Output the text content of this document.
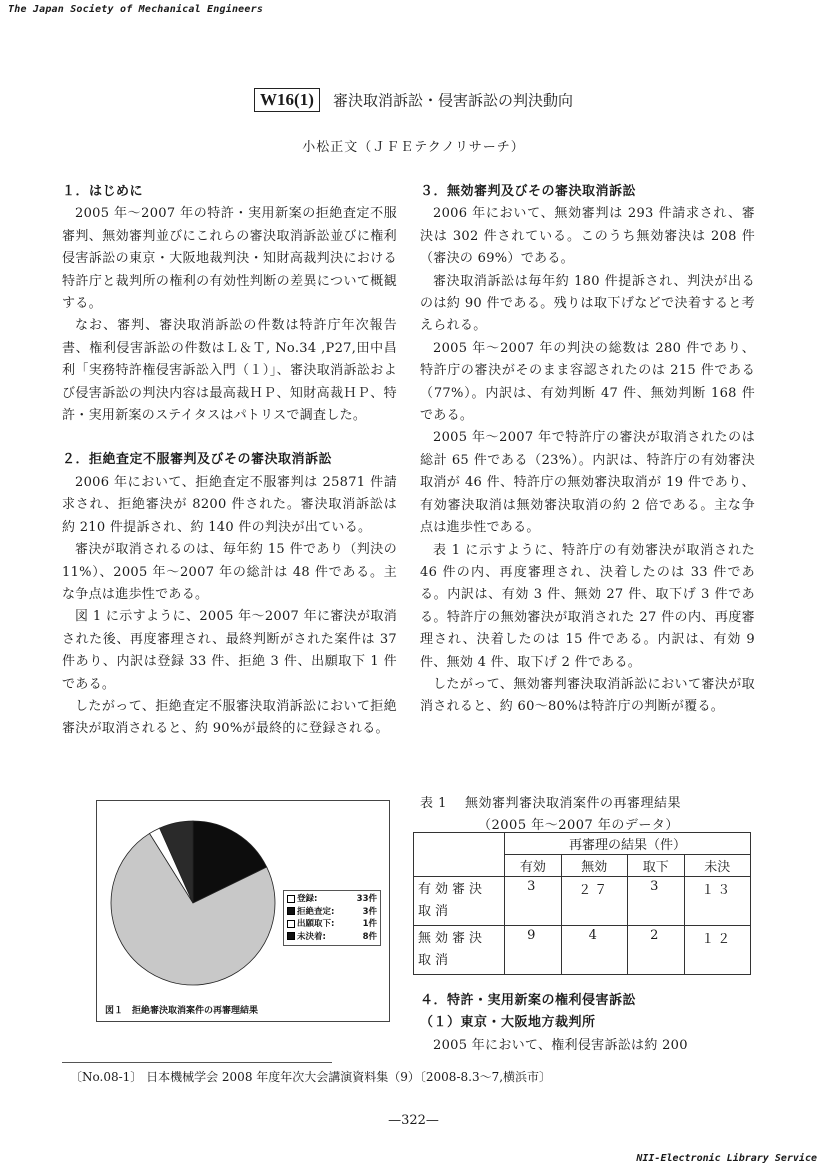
The Japan Society of Mechanical Engineers
W16(1) 審決取消訴訟・侵害訴訟の判決動向
小松正文（ＪＦＥテクノリサーチ）
１．はじめに

2005 年～2007 年の特許・実用新案の拒絶査定不服審判、無効審判並びにこれらの審決取消訴訟並びに権利侵害訴訟の東京・大阪地裁判決・知財高裁判決における特許庁と裁判所の権利の有効性判断の差異について概観する。

なお、審判、審決取消訴訟の件数は特許庁年次報告書、権利侵害訴訟の件数はＬ＆Ｔ, No.34 ,P27,田中昌利「実務特許権侵害訴訟入門（１）」、審決取消訴訟および侵害訴訟の判決内容は最高裁ＨＰ、知財高裁ＨＰ、特許・実用新案のステイタスはパトリスで調査した。

２．拒絶査定不服審判及びその審決取消訴訟

2006 年において、拒絶査定不服審判は 25871 件請求され、拒絶審決が 8200 件された。審決取消訴訟は約 210 件提訴され、約 140 件の判決が出ている。

審決が取消されるのは、毎年約 15 件であり（判決の 11%）、2005 年～2007 年の総計は 48 件である。主な争点は進歩性である。

図 1 に示すように、2005 年～2007 年に審決が取消された後、再度審理され、最終判断がされた案件は 37 件あり、内訳は登録 33 件、拒絶 3 件、出願取下 1 件である。

したがって、拒絶査定不服審決取消訴訟において拒絶審決が取消されると、約 90%が最終的に登録される。

登録:	33件
拒絶査定:	3件
出願取下:	1件
未決着:	8件
図１　拒絶審決取消案件の再審理結果
３．無効審判及びその審決取消訴訟

2006 年において、無効審判は 293 件請求され、審決は 302 件されている。このうち無効審決は 208 件（審決の 69%）である。

審決取消訴訟は毎年約 180 件提訴され、判決が出るのは約 90 件である。残りは取下げなどで決着すると考えられる。

2005 年～2007 年の判決の総数は 280 件であり、特許庁の審決がそのまま容認されたのは 215 件である（77%）。内訳は、有効判断 47 件、無効判断 168 件である。

2005 年～2007 年で特許庁の審決が取消されたのは総計 65 件である（23%）。内訳は、特許庁の有効審決取消が 46 件、特許庁の無効審決取消が 19 件であり、有効審決取消は無効審決取消の約 2 倍である。主な争点は進歩性である。

表 1 に示すように、特許庁の有効審決が取消された 46 件の内、再度審理され、決着したのは 33 件である。内訳は、有効 3 件、無効 27 件、取下げ 3 件である。特許庁の無効審決が取消された 27 件の内、再度審理され、決着したのは 15 件である。内訳は、有効 9 件、無効 4 件、取下げ 2 件である。

したがって、無効審判審決取消訴訟において審決が取消されると、約 60～80%は特許庁の判断が覆る。

表 1　 無効審判審決取消案件の再審理結果
（2005 年～2007 年のデータ）
	再審理の結果（件）			
	有効	無効	取下	未決
有効審決取消	3	２７	3	１３
無効審決取消	9	4	2	１２
４．特許・実用新案の権利侵害訴訟
（１）東京・大阪地方裁判所

2005 年において、権利侵害訴訟は約 200

〔No.08-1〕 日本機械学会 2008 年度年次大会講演資料集（9）〔2008-8.3〜7,横浜市〕
—322—
NII-Electronic Library Service
